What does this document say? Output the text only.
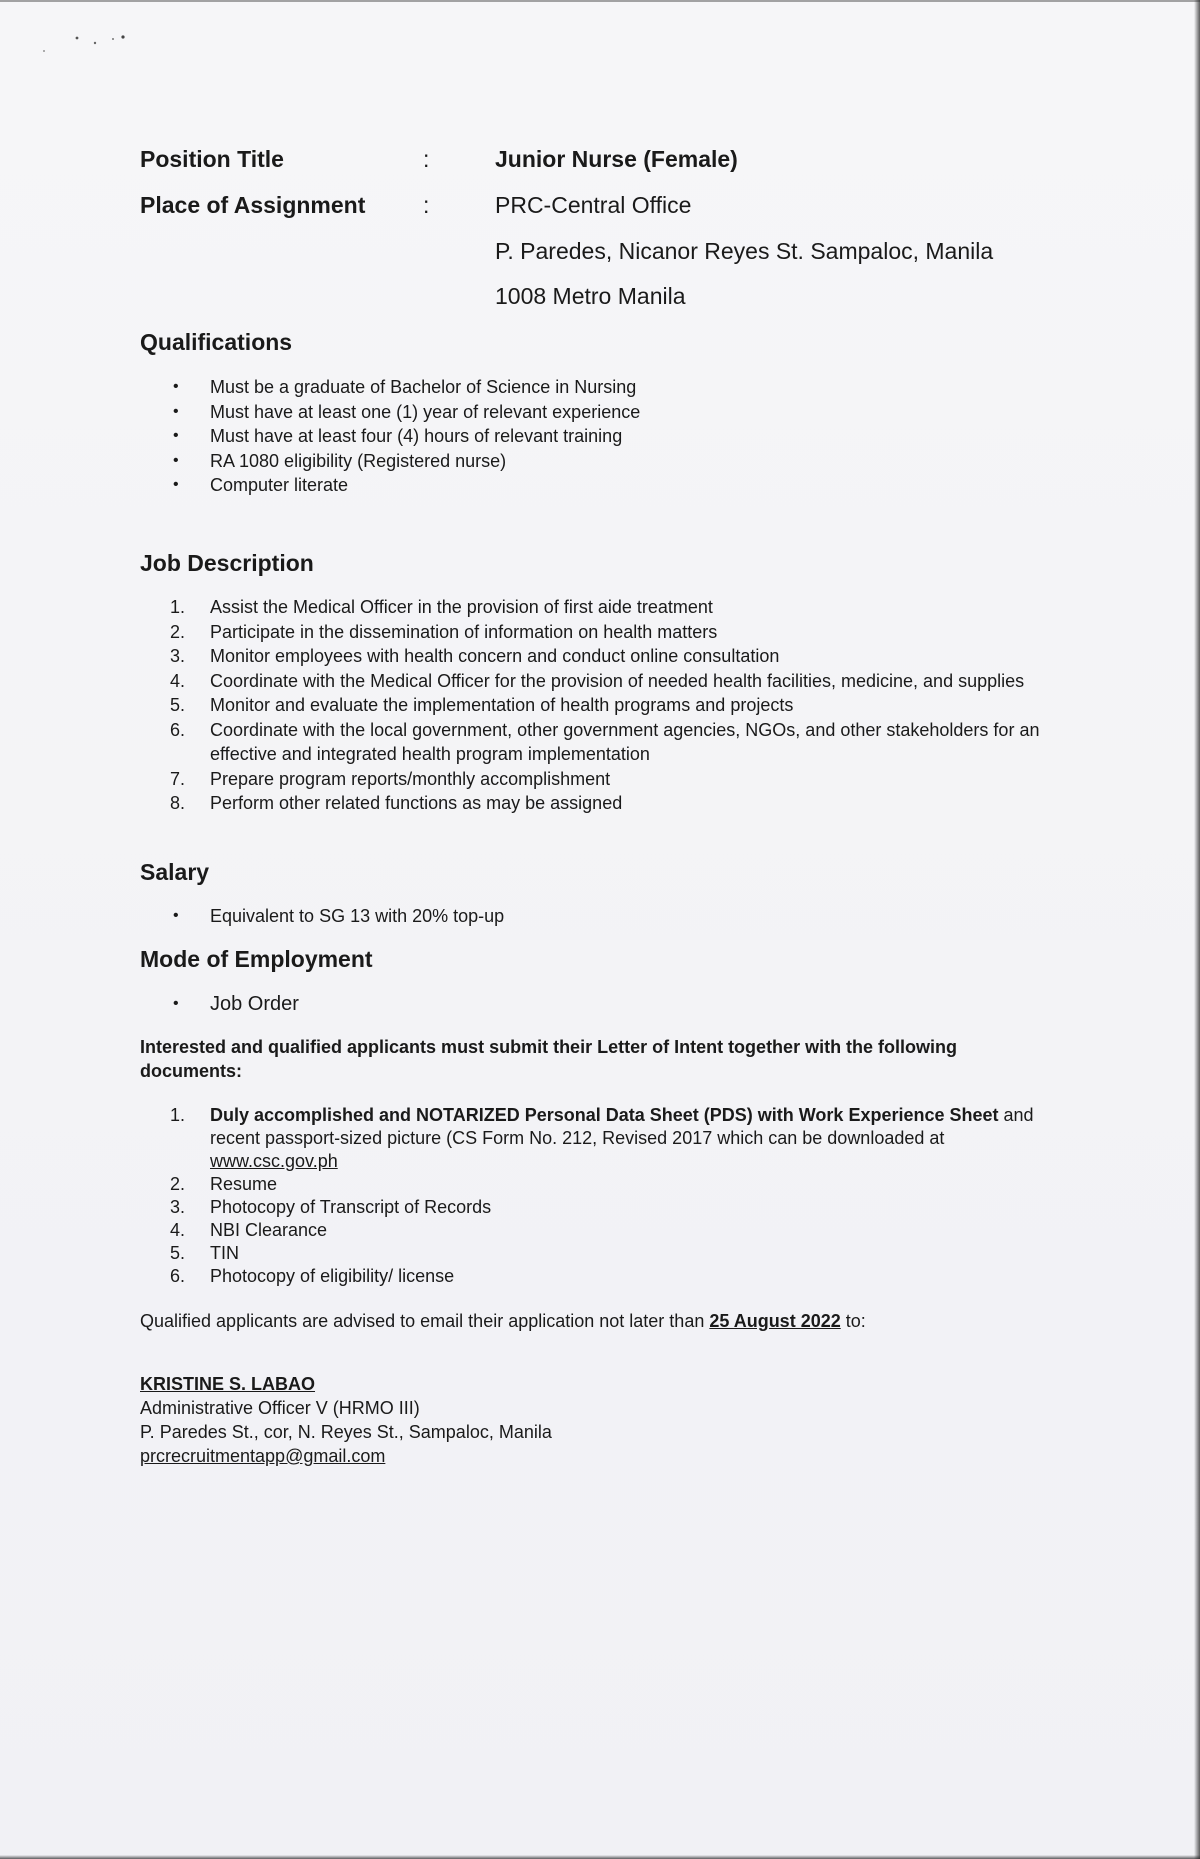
Position Title	:	Junior Nurse (Female)
Place of Assignment	:	PRC-Central Office
P. Paredes, Nicanor Reyes St. Sampaloc, Manila
1008 Metro Manila
Qualifications
• Must be a graduate of Bachelor of Science in Nursing
• Must have at least one (1) year of relevant experience
• Must have at least four (4) hours of relevant training
• RA 1080 eligibility (Registered nurse)
• Computer literate
Job Description
1. Assist the Medical Officer in the provision of first aide treatment
2. Participate in the dissemination of information on health matters
3. Monitor employees with health concern and conduct online consultation
4. Coordinate with the Medical Officer for the provision of needed health facilities, medicine, and supplies
5. Monitor and evaluate the implementation of health programs and projects
6. Coordinate with the local government, other government agencies, NGOs, and other stakeholders for an effective and integrated health program implementation
7. Prepare program reports/monthly accomplishment
8. Perform other related functions as may be assigned
Salary
• Equivalent to SG 13 with 20% top-up
Mode of Employment
• Job Order
Interested and qualified applicants must submit their Letter of Intent together with the following documents:
1. Duly accomplished and NOTARIZED Personal Data Sheet (PDS) with Work Experience Sheet and recent passport-sized picture (CS Form No. 212, Revised 2017 which can be downloaded at www.csc.gov.ph
2. Resume
3. Photocopy of Transcript of Records
4. NBI Clearance
5. TIN
6. Photocopy of eligibility/ license
Qualified applicants are advised to email their application not later than 25 August 2022 to:
KRISTINE S. LABAO
Administrative Officer V (HRMO III)
P. Paredes St., cor, N. Reyes St., Sampaloc, Manila
prcrecruitmentapp@gmail.com
